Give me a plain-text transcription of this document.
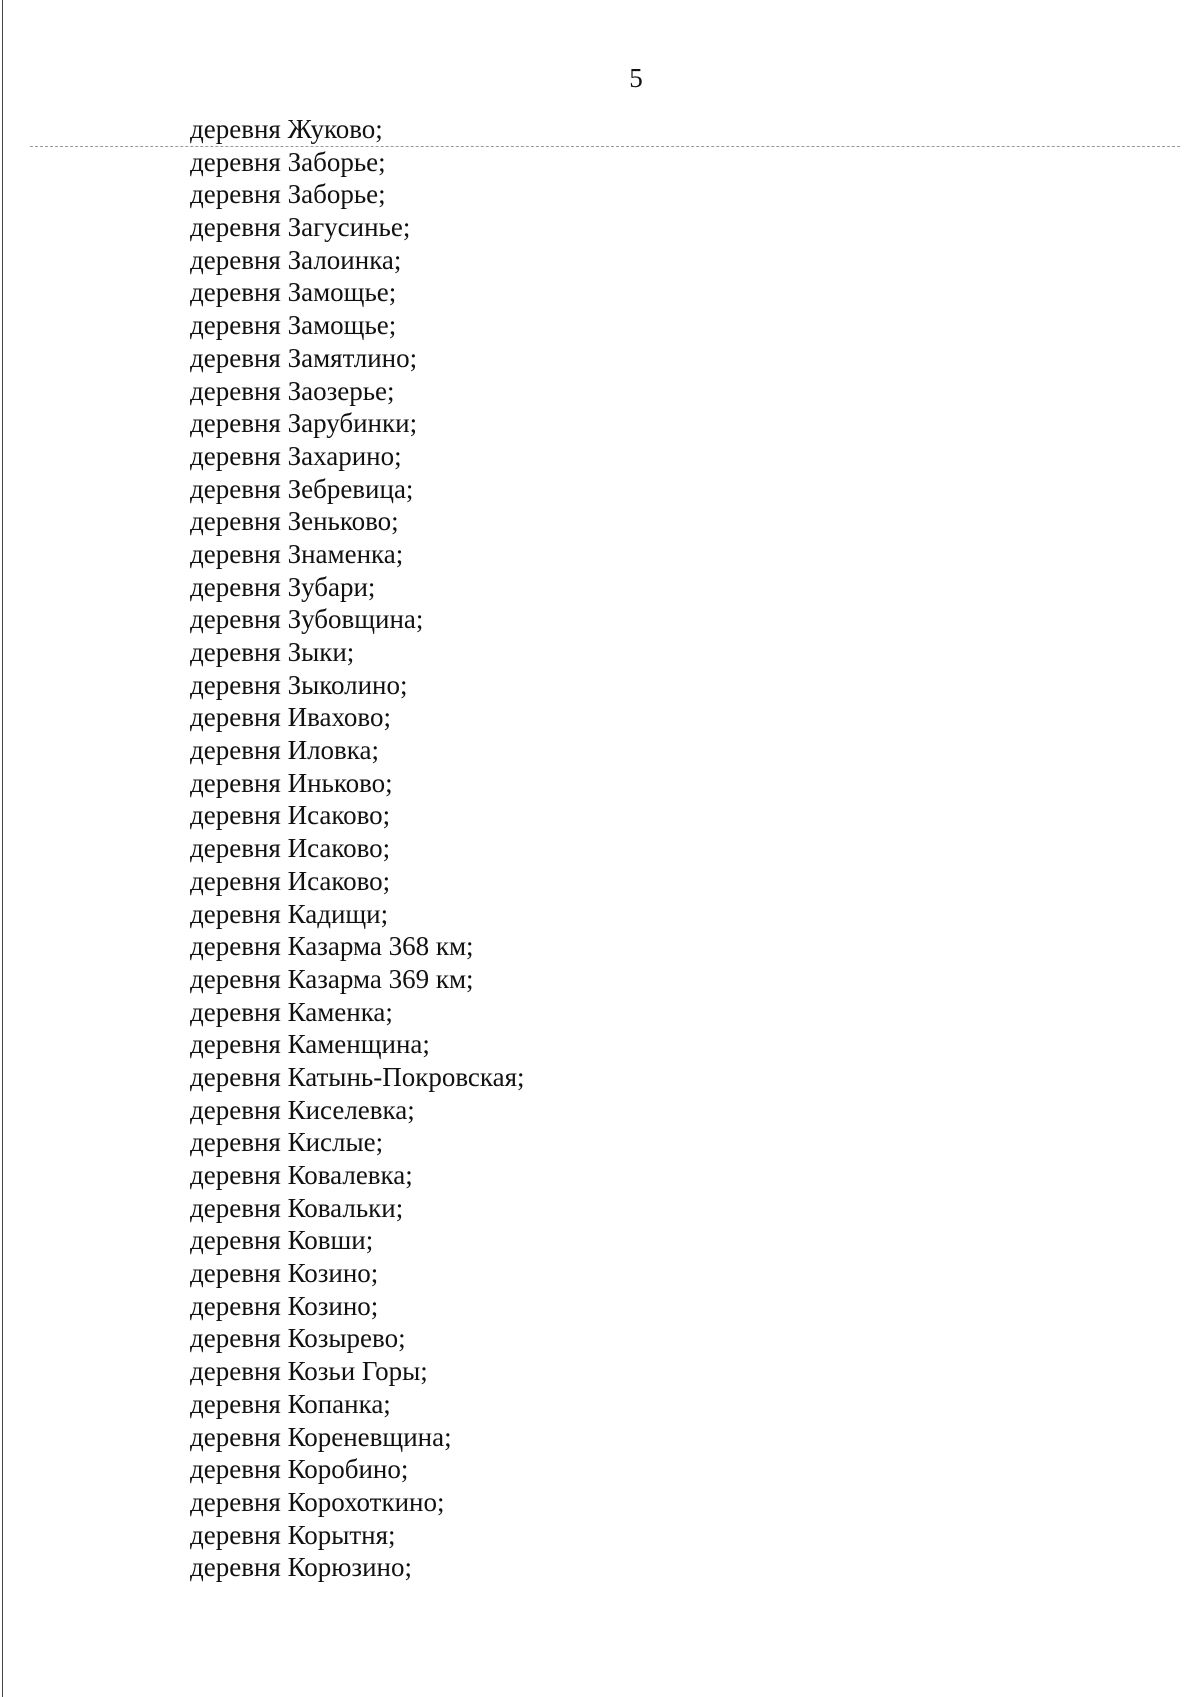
5
деревня Жуково;
деревня Заборье;
деревня Заборье;
деревня Загусинье;
деревня Залоинка;
деревня Замощье;
деревня Замощье;
деревня Замятлино;
деревня Заозерье;
деревня Зарубинки;
деревня Захарино;
деревня Зебревица;
деревня Зеньково;
деревня Знаменка;
деревня Зубари;
деревня Зубовщина;
деревня Зыки;
деревня Зыколино;
деревня Ивахово;
деревня Иловка;
деревня Иньково;
деревня Исаково;
деревня Исаково;
деревня Исаково;
деревня Кадищи;
деревня Казарма 368 км;
деревня Казарма 369 км;
деревня Каменка;
деревня Каменщина;
деревня Катынь-Покровская;
деревня Киселевка;
деревня Кислые;
деревня Ковалевка;
деревня Ковальки;
деревня Ковши;
деревня Козино;
деревня Козино;
деревня Козырево;
деревня Козьи Горы;
деревня Копанка;
деревня Кореневщина;
деревня Коробино;
деревня Корохоткино;
деревня Корытня;
деревня Корюзино;
